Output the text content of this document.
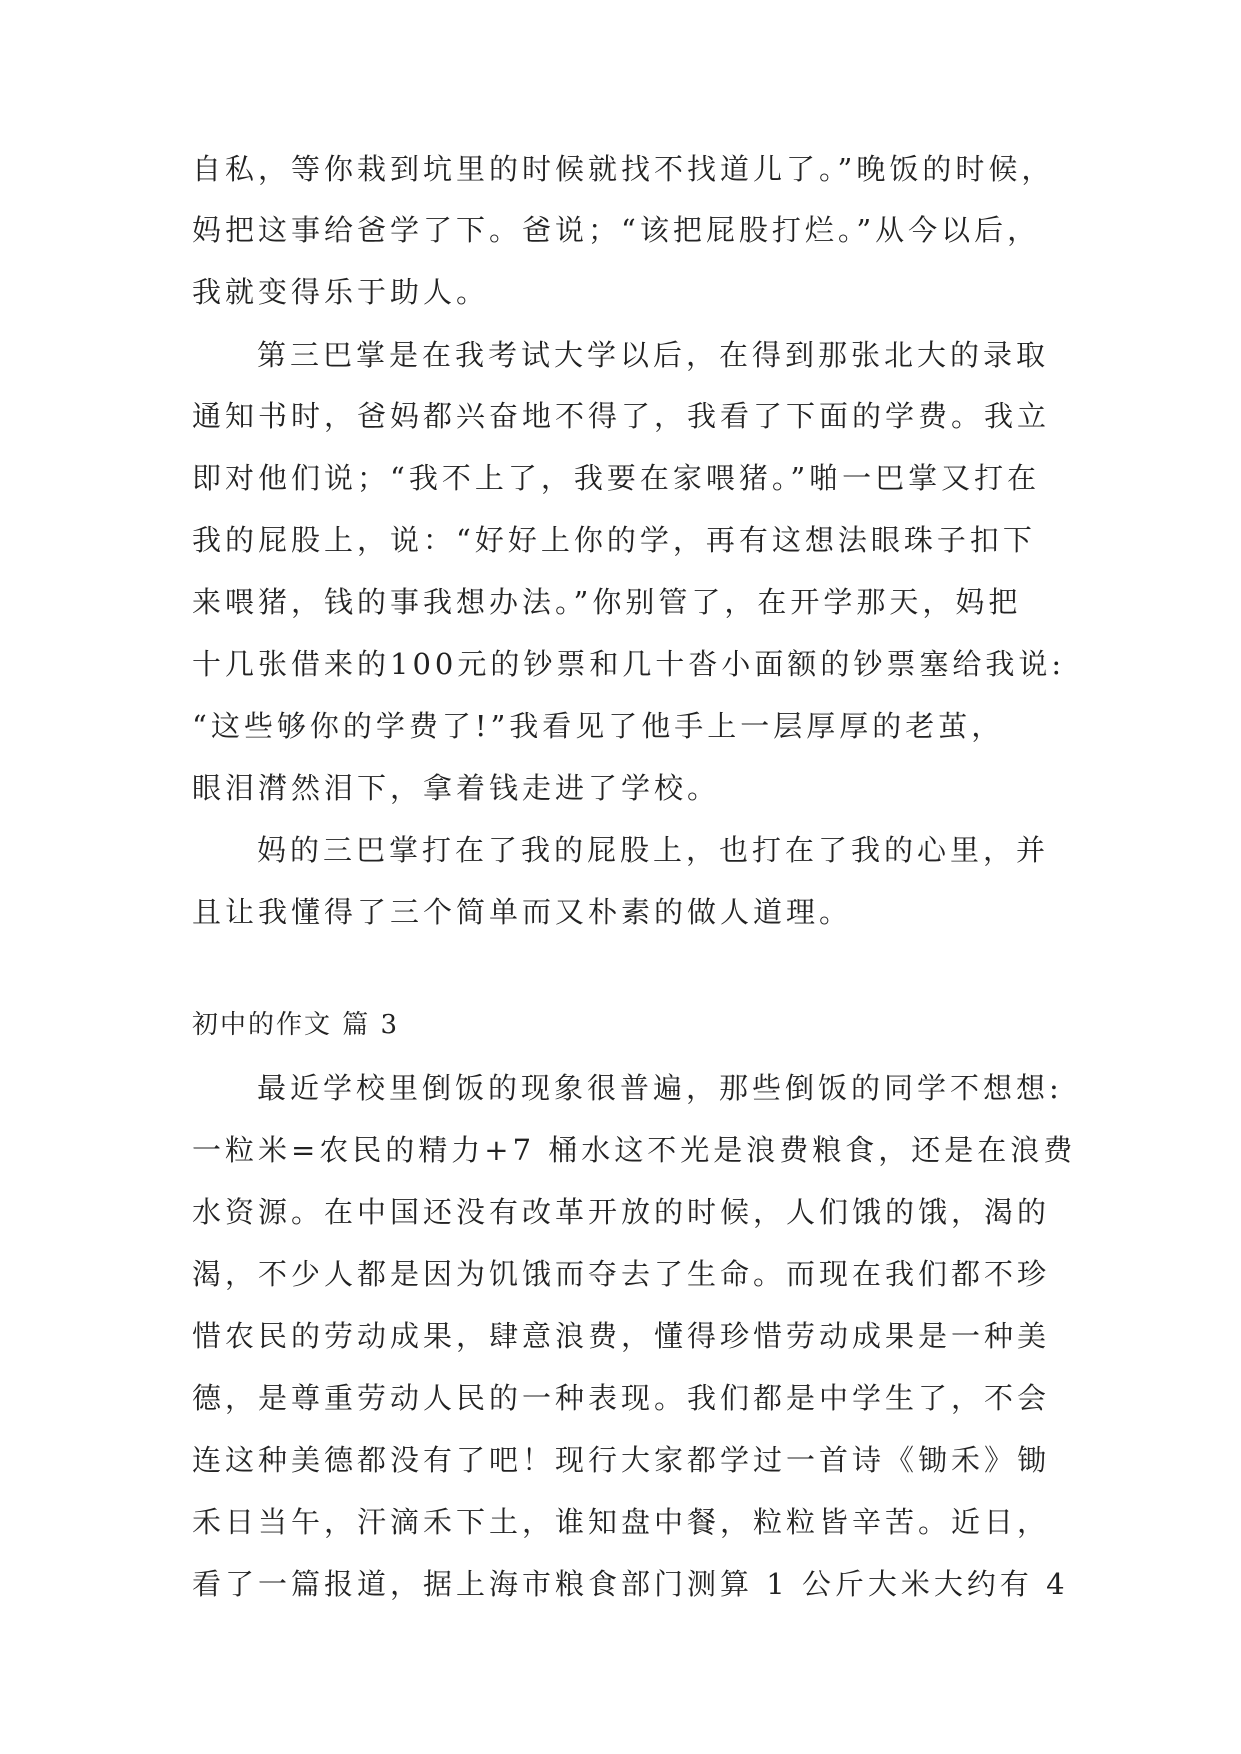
自私，等你栽到坑里的时候就找不找道儿了。”晚饭的时候，
妈把这事给爸学了下。爸说；“该把屁股打烂。”从今以后，
我就变得乐于助人。
第三巴掌是在我考试大学以后，在得到那张北大的录取
通知书时，爸妈都兴奋地不得了，我看了下面的学费。我立
即对他们说；“我不上了，我要在家喂猪。”啪一巴掌又打在
我的屁股上，说：“好好上你的学，再有这想法眼珠子扣下
来喂猪，钱的事我想办法。”你别管了，在开学那天，妈把
十几张借来的100元的钞票和几十沓小面额的钞票塞给我说:
“这些够你的学费了!”我看见了他手上一层厚厚的老茧，
眼泪潸然泪下，拿着钱走进了学校。
妈的三巴掌打在了我的屁股上，也打在了我的心里，并
且让我懂得了三个简单而又朴素的做人道理。
初中的作文 篇 3
最近学校里倒饭的现象很普遍，那些倒饭的同学不想想:
一粒米=农民的精力+7 桶水这不光是浪费粮食，还是在浪费
水资源。在中国还没有改革开放的时候，人们饿的饿，渴的
渴，不少人都是因为饥饿而夺去了生命。而现在我们都不珍
惜农民的劳动成果，肆意浪费，懂得珍惜劳动成果是一种美
德，是尊重劳动人民的一种表现。我们都是中学生了，不会
连这种美德都没有了吧！现行大家都学过一首诗《锄禾》锄
禾日当午，汗滴禾下土，谁知盘中餐，粒粒皆辛苦。近日，
看了一篇报道，据上海市粮食部门测算 1 公斤大米大约有 4
